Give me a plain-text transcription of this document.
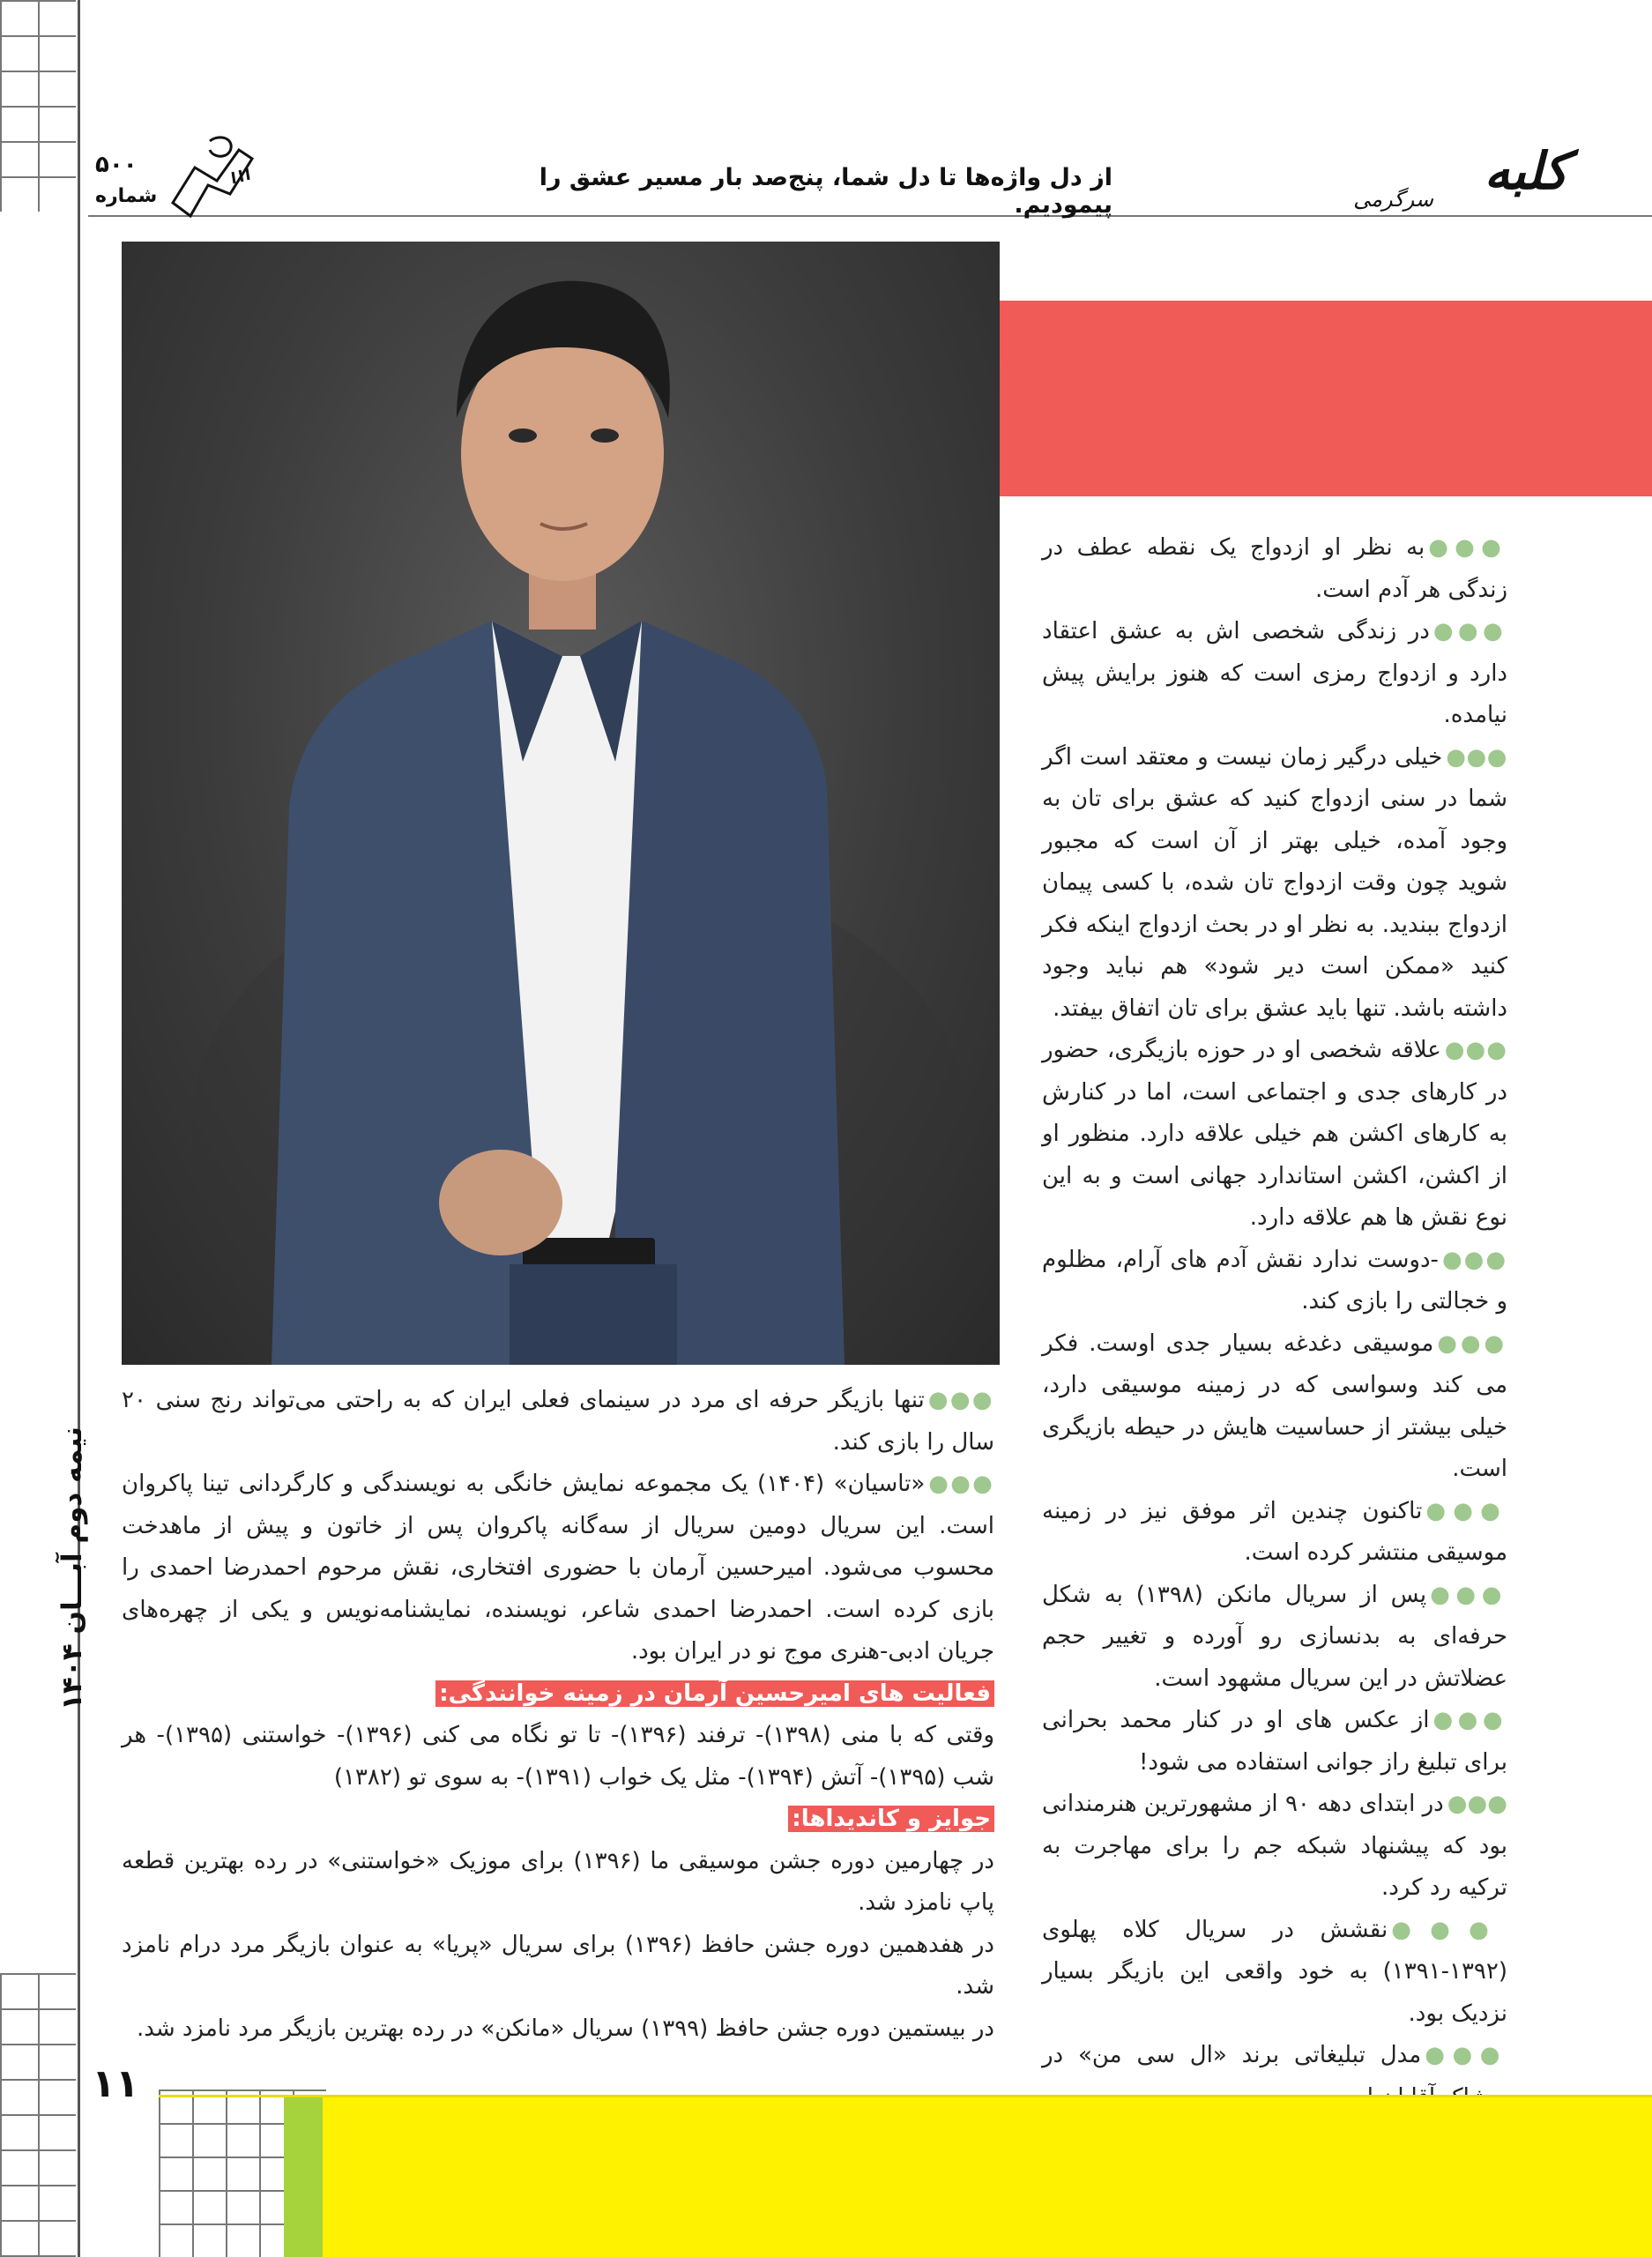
کلبه
سرگرمی
از دل واژه‌ها تا دل شما، پنج‌صد بار مسیر عشق را پیمودیم.
۵۰۰
شماره

●●●به نظر او ازدواج یک نقطه عطف در زندگی هر آدم است.

●●●در زندگی شخصی اش به عشق اعتقاد دارد و ازدواج رمزی است که هنوز برایش پیش نیامده.

●●●خیلی درگیر زمان نیست و معتقد است اگر شما در سنی ازدواج کنید که عشق برای تان به وجود آمده، خیلی بهتر از آن است که مجبور شوید چون وقت ازدواج تان شده، با کسی پیمان ازدواج ببندید. به نظر او در بحث ازدواج اینکه فکر کنید «ممکن است دیر شود» هم نباید وجود داشته باشد. تنها باید عشق برای تان اتفاق بیفتد.

●●●علاقه شخصی او در حوزه بازیگری، حضور در کارهای جدی و اجتماعی است، اما در کنارش به کارهای اکشن هم خیلی علاقه دارد. منظور او از اکشن، اکشن استاندارد جهانی است و به این نوع نقش ها هم علاقه دارد.

●●●-دوست ندارد نقش آدم های آرام، مظلوم و خجالتی را بازی کند.

●●●موسیقی دغدغه بسیار جدی اوست. فکر می کند وسواسی که در زمینه موسیقی دارد، خیلی بیشتر از حساسیت هایش در حیطه بازیگری است.

●●●تاکنون چندین اثر موفق نیز در زمینه موسیقی منتشر کرده است.

●●●پس از سریال مانکن (۱۳۹۸) به شکل حرفه‌ای به بدنسازی رو آورده و تغییر حجم عضلاتش در این سریال مشهود است.

●●●از عکس های او در کنار محمد بحرانی برای تبلیغ راز جوانی استفاده می شود!

●●●در ابتدای دهه ۹۰ از مشهورترین هنرمندانی بود که پیشنهاد شبکه جم را برای مهاجرت به ترکیه رد کرد.

●●●نقشش در سریال کلاه پهلوی (۱۳۹۲-۱۳۹۱) به خود واقعی این بازیگر بسیار نزدیک بود.

●●●مدل تبلیغاتی برند «ال سی من» در

●●●تنها بازیگر حرفه ای مرد در سینمای فعلی ایران که به راحتی می‌تواند رنج سنی ۲۰ سال را بازی کند.

●●●«تاسیان» (۱۴۰۴) یک مجموعه نمایش خانگی به نویسندگی و کارگردانی تینا پاکروان است. این سریال دومین سریال از سه‌گانه پاکروان پس از خاتون و پیش از ماهدخت محسوب می‌شود. امیرحسین آرمان با حضوری افتخاری، نقش مرحوم احمدرضا احمدی را بازی کرده است. احمدرضا احمدی شاعر، نویسنده، نمایشنامه‌نویس و یکی از چهره‌های جریان ادبی-هنری موج نو در ایران بود.

فعالیت های امیرحسین آرمان در زمینه خوانندگی:

وقتی که با منی (۱۳۹۸)- ترفند (۱۳۹۶)- تا تو نگاه می کنی (۱۳۹۶)- خواستنی (۱۳۹۵)- هر شب (۱۳۹۵)- آتش (۱۳۹۴)- مثل یک خواب (۱۳۹۱)- به سوی تو (۱۳۸۲)

جوایز و کاندیداها:

در چهارمین دوره جشن موسیقی ما (۱۳۹۶) برای موزیک «خواستنی» در رده بهترین قطعه پاپ نامزد شد.

در هفدهمین دوره جشن حافظ (۱۳۹۶) برای سریال «پریا» به عنوان بازیگر مرد درام نامزد شد.

در بیستمین دوره جشن حافظ (۱۳۹۹) سریال «مانکن» در رده بهترین بازیگر مرد نامزد شد.

نیمه دوم آبـــان ۱۴۰۴
۱۱
